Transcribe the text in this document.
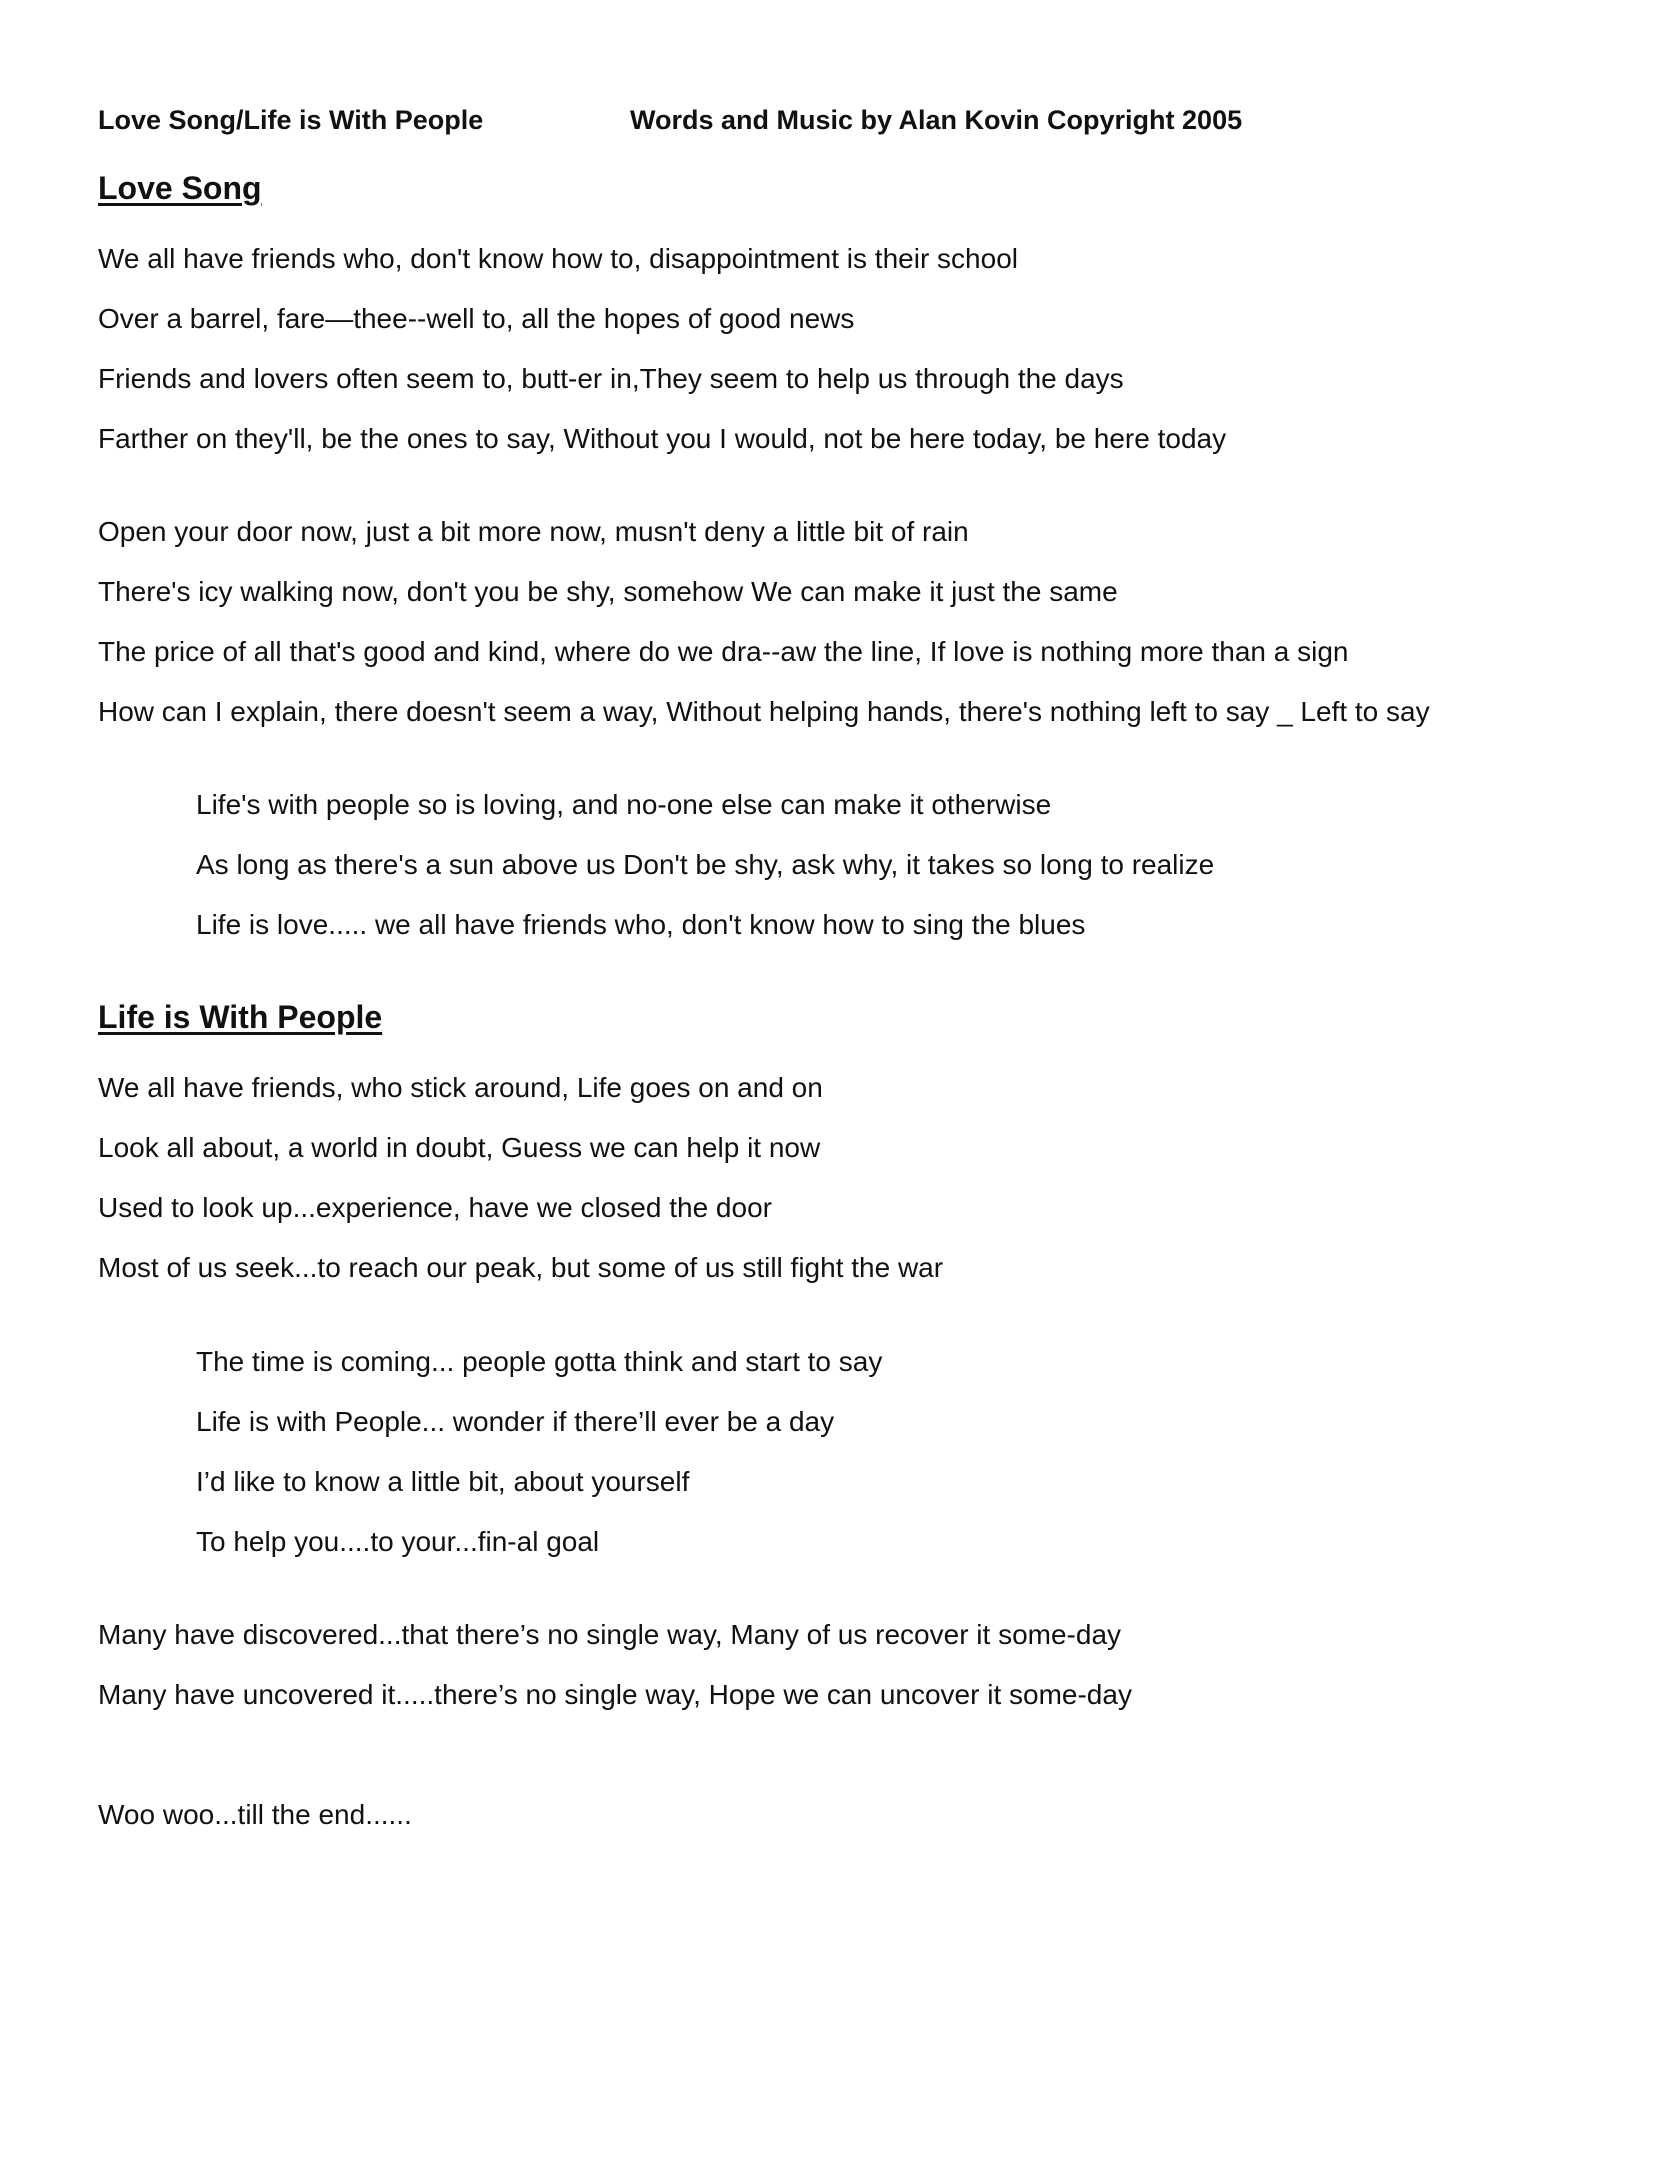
Love Song/Life is With People	Words and Music by Alan Kovin Copyright 2005
Love Song
We all have friends who, don't know how to, disappointment is their school
Over a barrel, fare—thee--well to, all the hopes of good news
Friends and lovers often seem to, butt-er in,They seem to help us through the days
Farther on they'll, be the ones to say, Without you I would, not be here today, be here today
Open your door now, just a bit more now, musn't deny a little bit of rain
There's icy walking now, don't you be shy, somehow We can make it just the same
The price of all that's good and kind, where do we dra--aw the line, If love is nothing more than a sign
How can I explain, there doesn't seem a way, Without helping hands, there's nothing left to say _ Left to say
Life's with people so is loving, and no-one else can make it otherwise
As long as there's a sun above us Don't be shy, ask why, it takes so long to realize
Life is love..... we all have friends who, don't know how to sing the blues
Life is With People
We all have friends, who stick around, Life goes on and on
Look all about, a world in doubt, Guess we can help it now
Used to look up...experience, have we closed the door
Most of us seek...to reach our peak, but some of us still fight the war
The time is coming... people gotta think and start to say
Life is with People... wonder if there’ll ever be a day
I’d like to know a little bit, about yourself
To help you....to your...fin-al goal
Many have discovered...that there’s no single way, Many of us recover it some-day
Many have uncovered it.....there’s no single way, Hope we can uncover it some-day
Woo woo...till the end......
